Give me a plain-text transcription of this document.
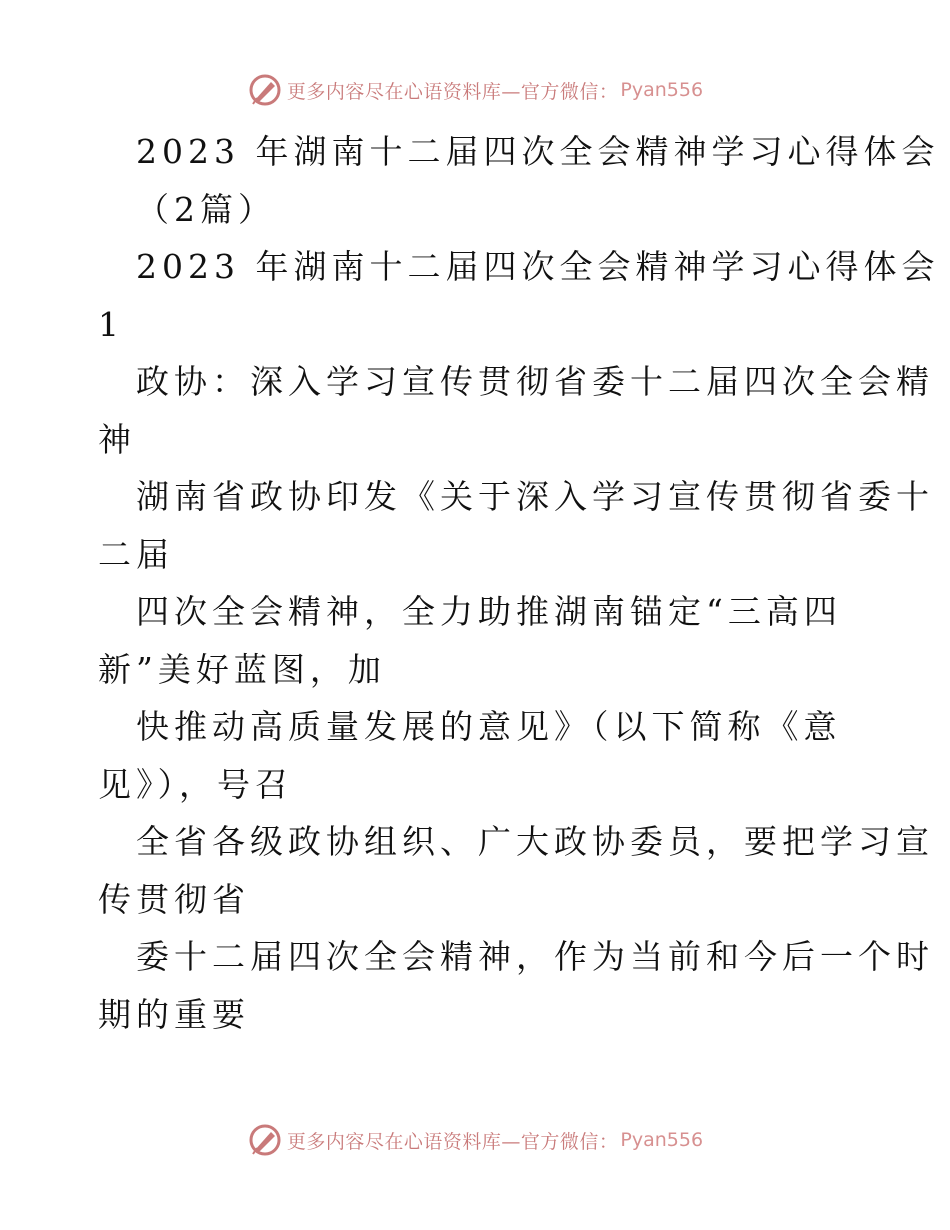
更多内容尽在心语资料库—官方微信： Pyan556
2023 年湖南十二届四次全会精神学习心得体会
（2篇）
2023 年湖南十二届四次全会精神学习心得体会
1
政协：深入学习宣传贯彻省委十二届四次全会精
神
湖南省政协印发《关于深入学习宣传贯彻省委十
二届
四次全会精神，全力助推湖南锚定“三高四
新”美好蓝图，加
快推动高质量发展的意见》（以下简称《意
见》），号召
全省各级政协组织、广大政协委员，要把学习宣
传贯彻省
委十二届四次全会精神，作为当前和今后一个时
期的重要
更多内容尽在心语资料库—官方微信： Pyan556
